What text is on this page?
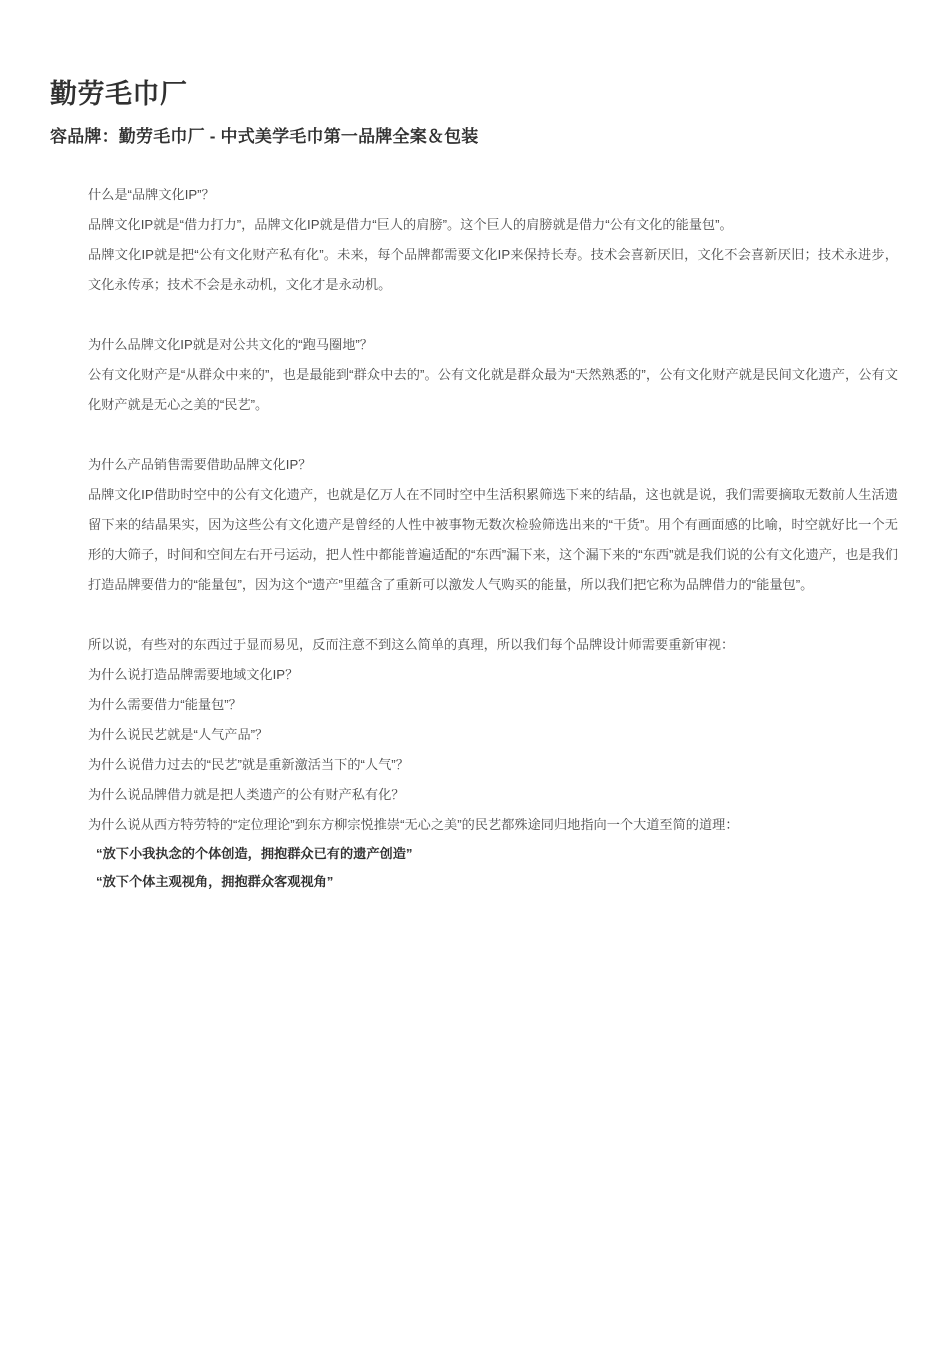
勤劳毛巾厂
容品牌：勤劳毛巾厂 - 中式美学毛巾第一品牌全案＆包装

什么是“品牌文化IP”？

品牌文化IP就是“借力打力”，品牌文化IP就是借力“巨人的肩膀”。这个巨人的肩膀就是借力“公有文化的能量包”。

品牌文化IP就是把“公有文化财产私有化”。未来，每个品牌都需要文化IP来保持长寿。技术会喜新厌旧，文化不会喜新厌旧；技术永进步，文化永传承；技术不会是永动机，文化才是永动机。

为什么品牌文化IP就是对公共文化的“跑马圈地”？

公有文化财产是“从群众中来的”，也是最能到“群众中去的”。公有文化就是群众最为“天然熟悉的”，公有文化财产就是民间文化遗产，公有文化财产就是无心之美的“民艺”。

为什么产品销售需要借助品牌文化IP？

品牌文化IP借助时空中的公有文化遗产，也就是亿万人在不同时空中生活积累筛选下来的结晶，这也就是说，我们需要摘取无数前人生活遗留下来的结晶果实，因为这些公有文化遗产是曾经的人性中被事物无数次检验筛选出来的“干货”。用个有画面感的比喻，时空就好比一个无形的大筛子，时间和空间左右开弓运动，把人性中都能普遍适配的“东西”漏下来，这个漏下来的“东西”就是我们说的公有文化遗产，也是我们打造品牌要借力的“能量包”，因为这个“遗产”里蕴含了重新可以激发人气购买的能量，所以我们把它称为品牌借力的“能量包”。

所以说，有些对的东西过于显而易见，反而注意不到这么简单的真理，所以我们每个品牌设计师需要重新审视：

为什么说打造品牌需要地域文化IP？

为什么需要借力“能量包”？

为什么说民艺就是“人气产品”？

为什么说借力过去的“民艺”就是重新激活当下的“人气”？

为什么说品牌借力就是把人类遗产的公有财产私有化？

为什么说从西方特劳特的“定位理论”到东方柳宗悦推崇“无心之美”的民艺都殊途同归地指向一个大道至简的道理：

“放下小我执念的个体创造，拥抱群众已有的遗产创造”
“放下个体主观视角，拥抱群众客观视角”
